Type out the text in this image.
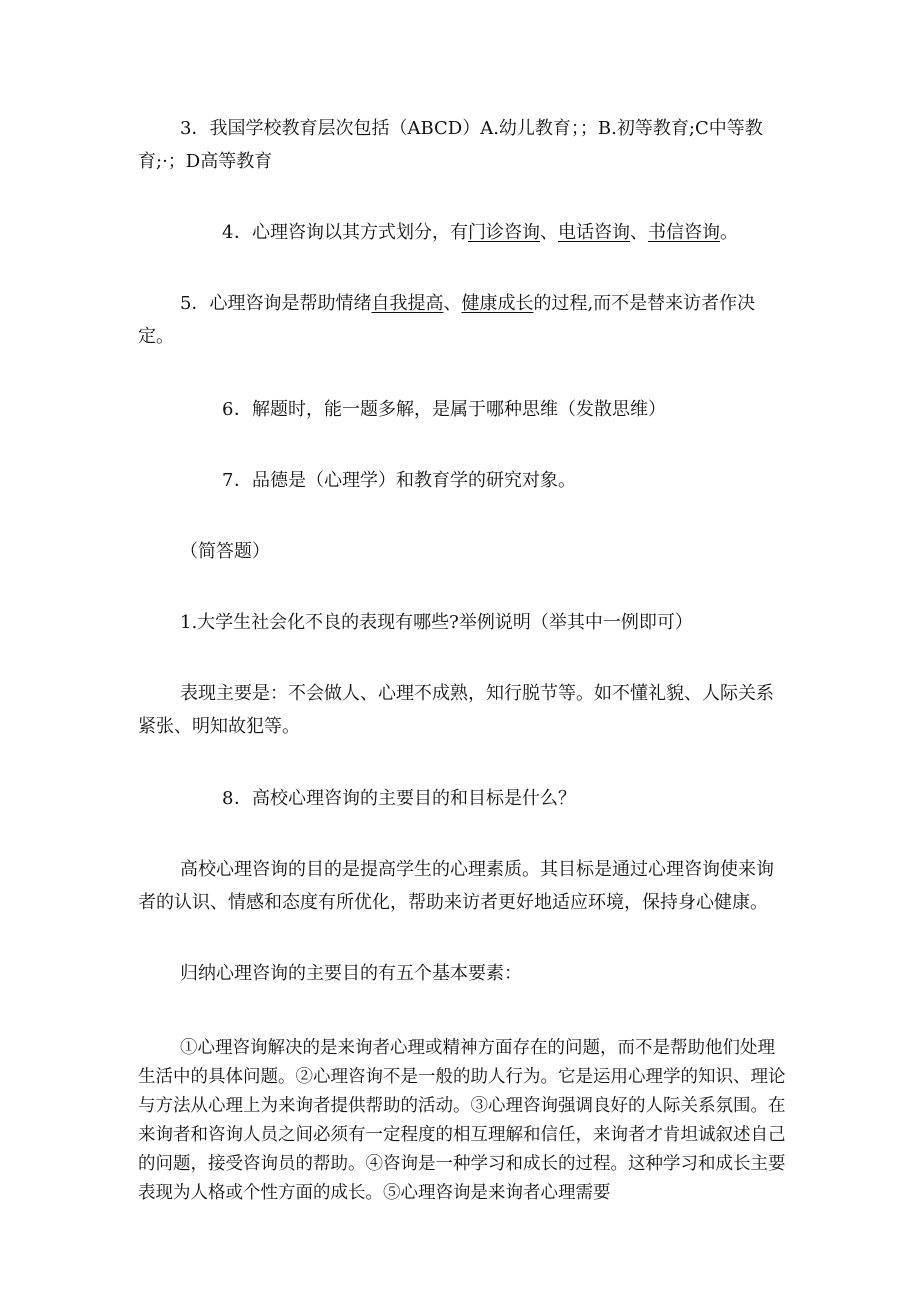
3．我国学校教育层次包括（ABCD）A.幼儿教育；；B.初等教育;C中等教育;·；D高等教育

4．心理咨询以其方式划分，有门诊咨询、电话咨询、书信咨询。

5．心理咨询是帮助情绪自我提高、健康成长的过程,而不是替来访者作决定。

6．解题时，能一题多解，是属于哪种思维（发散思维）

7．品德是（心理学）和教育学的研究对象。

（简答题）

1.大学生社会化不良的表现有哪些?举例说明（举其中一例即可）

表现主要是：不会做人、心理不成熟，知行脱节等。如不懂礼貌、人际关系紧张、明知故犯等。

8．高校心理咨询的主要目的和目标是什么？

高校心理咨询的目的是提高学生的心理素质。其目标是通过心理咨询使来询者的认识、情感和态度有所优化，帮助来访者更好地适应环境，保持身心健康。

归纳心理咨询的主要目的有五个基本要素：

①心理咨询解决的是来询者心理或精神方面存在的问题，而不是帮助他们处理生活中的具体问题。②心理咨询不是一般的助人行为。它是运用心理学的知识、理论与方法从心理上为来询者提供帮助的活动。③心理咨询强调良好的人际关系氛围。在来询者和咨询人员之间必须有一定程度的相互理解和信任，来询者才肯坦诚叙述自己的问题，接受咨询员的帮助。④咨询是一种学习和成长的过程。这种学习和成长主要表现为人格或个性方面的成长。⑤心理咨询是来询者心理需要
